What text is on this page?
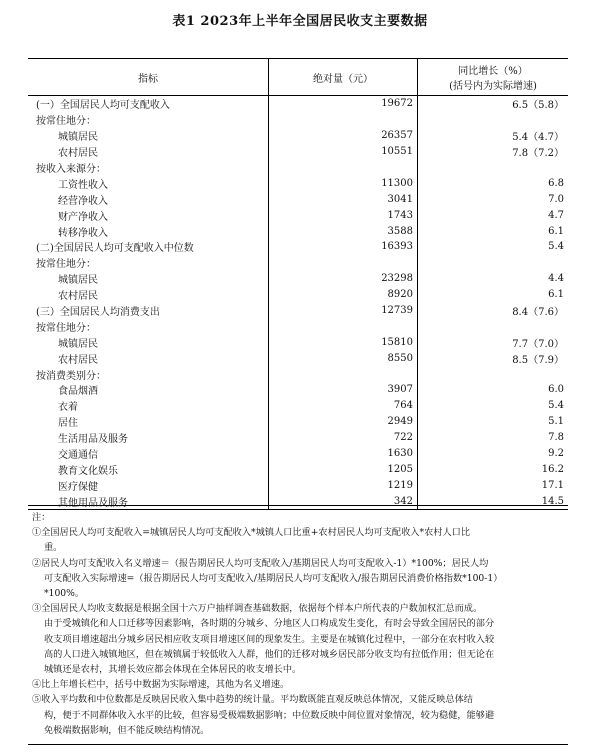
表1 2023年上半年全国居民收支主要数据
指标	绝对量（元）	同比增长（%）
(括号内为实际增速)

(一）全国居民人均可支配收入	19672	6.5（5.8）
按常住地分：		
城镇居民	26357	5.4（4.7）
农村居民	10551	7.8（7.2）
按收入来源分：		
工资性收入	11300	6.8
经营净收入	3041	7.0
财产净收入	1743	4.7
转移净收入	3588	6.1
(二)全国居民人均可支配收入中位数	16393	5.4
按常住地分：		
城镇居民	23298	4.4
农村居民	8920	6.1
(三）全国居民人均消费支出	12739	8.4（7.6）
按常住地分：		
城镇居民	15810	7.7（7.0）
农村居民	8550	8.5（7.9）
按消费类别分：		
食品烟酒	3907	6.0
衣着	764	5.4
居住	2949	5.1
生活用品及服务	722	7.8
交通通信	1630	9.2
教育文化娱乐	1205	16.2
医疗保健	1219	17.1
其他用品及服务	342	14.5
注：
①全国居民人均可支配收入=城镇居民人均可支配收入*城镇人口比重+农村居民人均可支配收入*农村人口比
重。
②居民人均可支配收入名义增速＝（报告期居民人均可支配收入/基期居民人均可支配收入-1）*100%；居民人均
可支配收入实际增速=（报告期居民人均可支配收入/基期居民人均可支配收入/报告期居民消费价格指数*100-1）
*100%。
③全国居民人均收支数据是根据全国十六万户抽样调查基础数据，依据每个样本户所代表的户数加权汇总而成。
由于受城镇化和人口迁移等因素影响，各时期的分城乡、分地区人口构成发生变化，有时会导致全国居民的部分
收支项目增速超出分城乡居民相应收支项目增速区间的现象发生。主要是在城镇化过程中，一部分在农村收入较
高的人口进入城镇地区，但在城镇属于较低收入人群，他们的迁移对城乡居民部分收支均有拉低作用；但无论在
城镇还是农村，其增长效应都会体现在全体居民的收支增长中。
④比上年增长栏中，括号中数据为实际增速，其他为名义增速。
⑤收入平均数和中位数都是反映居民收入集中趋势的统计量。平均数既能直观反映总体情况，又能反映总体结
构，便于不同群体收入水平的比较，但容易受极端数据影响；中位数反映中间位置对象情况，较为稳健，能够避
免极端数据影响，但不能反映结构情况。
